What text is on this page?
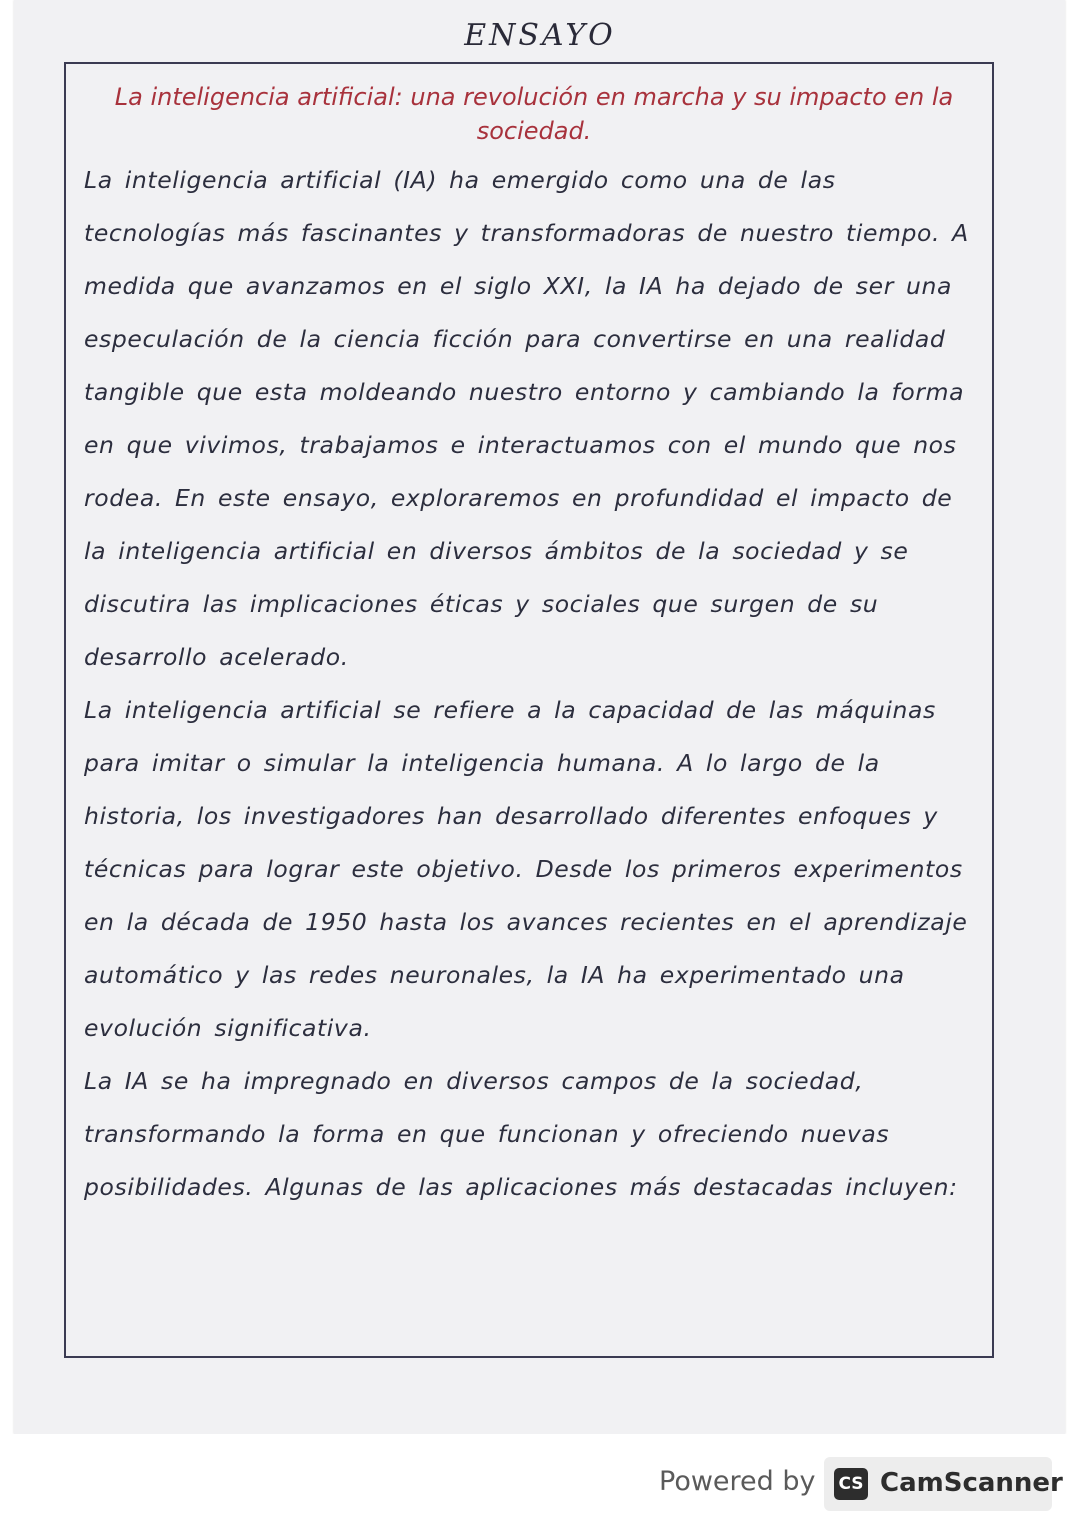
ENSAYO

La inteligencia artificial: una revolución en marcha y su impacto en la sociedad.

La inteligencia artificial (IA) ha emergido como una de las tecnologías más fascinantes y transformadoras de nuestro tiempo. A medida que avanzamos en el siglo XXI, la IA ha dejado de ser una especulación de la ciencia ficción para convertirse en una realidad tangible que esta moldeando nuestro entorno y cambiando la forma en que vivimos, trabajamos e interactuamos con el mundo que nos rodea. En este ensayo, exploraremos en profundidad el impacto de la inteligencia artificial en diversos ámbitos de la sociedad y se discutira las implicaciones éticas y sociales que surgen de su desarrollo acelerado.

La inteligencia artificial se refiere a la capacidad de las máquinas para imitar o simular la inteligencia humana. A lo largo de la historia, los investigadores han desarrollado diferentes enfoques y técnicas para lograr este objetivo. Desde los primeros experimentos en la década de 1950 hasta los avances recientes en el aprendizaje automático y las redes neuronales, la IA ha experimentado una evolución significativa.

La IA se ha impregnado en diversos campos de la sociedad, transformando la forma en que funcionan y ofreciendo nuevas posibilidades. Algunas de las aplicaciones más destacadas incluyen:

Powered by CS CamScanner
